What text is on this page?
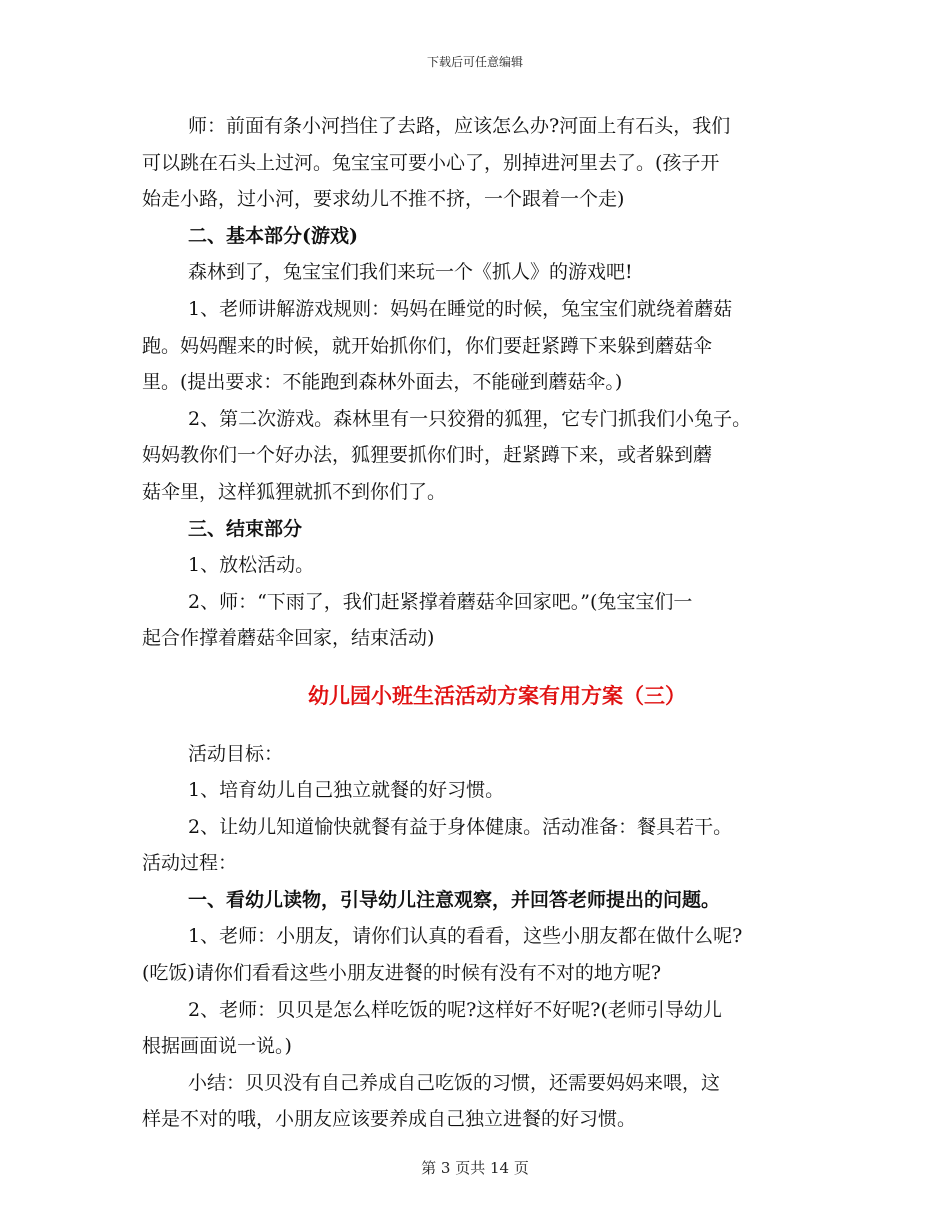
下载后可任意编辑

师：前面有条小河挡住了去路，应该怎么办?河面上有石头，我们

可以跳在石头上过河。兔宝宝可要小心了，别掉进河里去了。(孩子开

始走小路，过小河，要求幼儿不推不挤，一个跟着一个走)

二、基本部分(游戏)

森林到了，兔宝宝们我们来玩一个《抓人》的游戏吧!

1、老师讲解游戏规则：妈妈在睡觉的时候，兔宝宝们就绕着蘑菇

跑。妈妈醒来的时候，就开始抓你们，你们要赶紧蹲下来躲到蘑菇伞

里。(提出要求：不能跑到森林外面去，不能碰到蘑菇伞。)

2、第二次游戏。森林里有一只狡猾的狐狸，它专门抓我们小兔子。

妈妈教你们一个好办法，狐狸要抓你们时，赶紧蹲下来，或者躲到蘑

菇伞里，这样狐狸就抓不到你们了。

三、结束部分

1、放松活动。

2、师：“下雨了，我们赶紧撑着蘑菇伞回家吧。”(兔宝宝们一

起合作撑着蘑菇伞回家，结束活动)

幼儿园小班生活活动方案有用方案（三）

活动目标：

1、培育幼儿自己独立就餐的好习惯。

2、让幼儿知道愉快就餐有益于身体健康。活动准备：餐具若干。

活动过程：

一、看幼儿读物，引导幼儿注意观察，并回答老师提出的问题。

1、老师：小朋友，请你们认真的看看，这些小朋友都在做什么呢?

(吃饭)请你们看看这些小朋友进餐的时候有没有不对的地方呢?

2、老师：贝贝是怎么样吃饭的呢?这样好不好呢?(老师引导幼儿

根据画面说一说。)

小结：贝贝没有自己养成自己吃饭的习惯，还需要妈妈来喂，这

样是不对的哦，小朋友应该要养成自己独立进餐的好习惯。

第 3 页共 14 页
